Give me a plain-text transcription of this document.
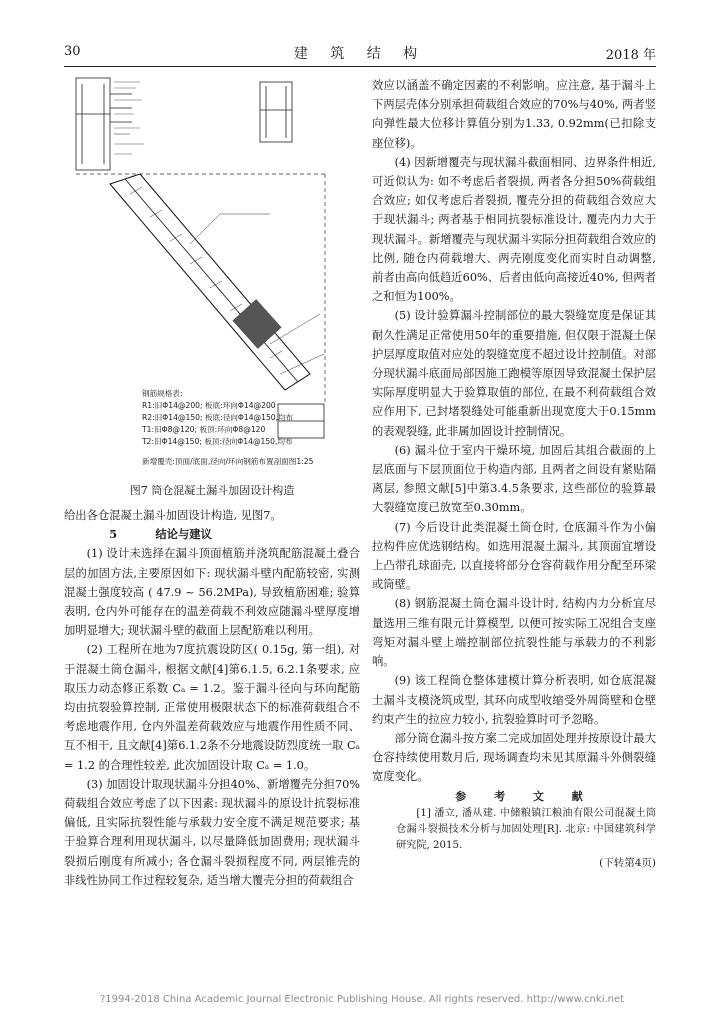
30	建 筑 结 构	2018 年
钢筋规格表:
R1:旧Φ14@200; 板底:环向Φ14@200
R2:旧Φ14@150; 板底:径向Φ14@150,均布
T1:旧Φ8@120; 板顶:环向Φ8@120
T2:旧Φ14@150; 板顶:径向Φ14@150,均布
新增覆壳:顶面/底面,径向/环向钢筋布置剖面图1:25
图7 筒仓混凝土漏斗加固设计构造

给出各仓混凝土漏斗加固设计构造, 见图7。

5	结论与建议

(1) 设计未选择在漏斗顶面植筋并浇筑配筋混凝土叠合层的加固方法,主要原因如下: 现状漏斗壁内配筋较密, 实测混凝土强度较高 ( 47.9 ~ 56.2MPa), 导致植筋困难; 验算表明, 仓内外可能存在的温差荷载不利效应随漏斗壁厚度增加明显增大; 现状漏斗壁的截面上层配筋难以利用。

(2) 工程所在地为7度抗震设防区( 0.15g, 第一组), 对于混凝土筒仓漏斗, 根据文献[4]第6.1.5, 6.2.1条要求, 应取压力动态修正系数 Cₐ = 1.2。鉴于漏斗径向与环向配筋均由抗裂验算控制, 正常使用极限状态下的标准荷载组合不考虑地震作用, 仓内外温差荷载效应与地震作用性质不同、互不相干, 且文献[4]第6.1.2条不分地震设防烈度统一取 Cₐ = 1.2 的合理性较差, 此次加固设计取 Cₐ = 1.0。

(3) 加固设计取现状漏斗分担40%、新增覆壳分担70%荷载组合效应考虑了以下因素: 现状漏斗的原设计抗裂标准偏低, 且实际抗裂性能与承载力安全度不满足规范要求; 基于验算合理利用现状漏斗, 以尽量降低加固费用; 现状漏斗裂损后刚度有所减小; 各仓漏斗裂损程度不同, 两层锥壳的非线性协同工作过程较复杂, 适当增大覆壳分担的荷载组合

效应以涵盖不确定因素的不利影响。应注意, 基于漏斗上下两层壳体分别承担荷载组合效应的70%与40%, 两者竖向弹性最大位移计算值分别为1.33, 0.92mm(已扣除支座位移)。

(4) 因新增覆壳与现状漏斗截面相同、边界条件相近, 可近似认为: 如不考虑后者裂损, 两者各分担50%荷载组合效应; 如仅考虑后者裂损, 覆壳分担的荷载组合效应大于现状漏斗; 两者基于相同抗裂标准设计, 覆壳内力大于现状漏斗。新增覆壳与现状漏斗实际分担荷载组合效应的比例, 随仓内荷载增大、两壳刚度变化而实时自动调整, 前者由高向低趋近60%、后者由低向高接近40%, 但两者之和恒为100%。

(5) 设计验算漏斗控制部位的最大裂缝宽度是保证其耐久性满足正常使用50年的重要措施, 但仅限于混凝土保护层厚度取值对应处的裂缝宽度不超过设计控制值。对部分现状漏斗底面局部因施工跑模等原因导致混凝土保护层实际厚度明显大于验算取值的部位, 在最不利荷载组合效应作用下, 已封堵裂缝处可能重新出现宽度大于0.15mm的表观裂缝, 此非属加固设计控制情况。

(6) 漏斗位于室内干燥环境, 加固后其组合截面的上层底面与下层顶面位于构造内部, 且两者之间设有紧贴隔离层, 参照文献[5]中第3.4.5条要求, 这些部位的验算最大裂缝宽度已放宽至0.30mm。

(7) 今后设计此类混凝土筒仓时, 仓底漏斗作为小偏拉构件应优选钢结构。如选用混凝土漏斗, 其顶面宜增设上凸带孔球面壳, 以直接将部分仓容荷载作用分配至环梁或筒壁。

(8) 钢筋混凝土筒仓漏斗设计时, 结构内力分析宜尽量选用三维有限元计算模型, 以便可按实际工况组合支座弯矩对漏斗壁上端控制部位抗裂性能与承载力的不利影响。

(9) 该工程筒仓整体建模计算分析表明, 如仓底混凝土漏斗支模浇筑成型, 其环向成型收缩受外周筒壁和仓壁约束产生的拉应力较小, 抗裂验算时可予忽略。

部分筒仓漏斗按方案二完成加固处理并按原设计最大仓容持续使用数月后, 现场调查均未见其原漏斗外侧裂缝宽度变化。

参 考 文 献

[1] 潘立, 潘从建. 中储粮镇江粮油有限公司混凝土筒仓漏斗裂损技术分析与加固处理[R]. 北京: 中国建筑科学研究院, 2015.

(下转第4页)

?1994-2018 China Academic Journal Electronic Publishing House. All rights reserved. http://www.cnki.net
